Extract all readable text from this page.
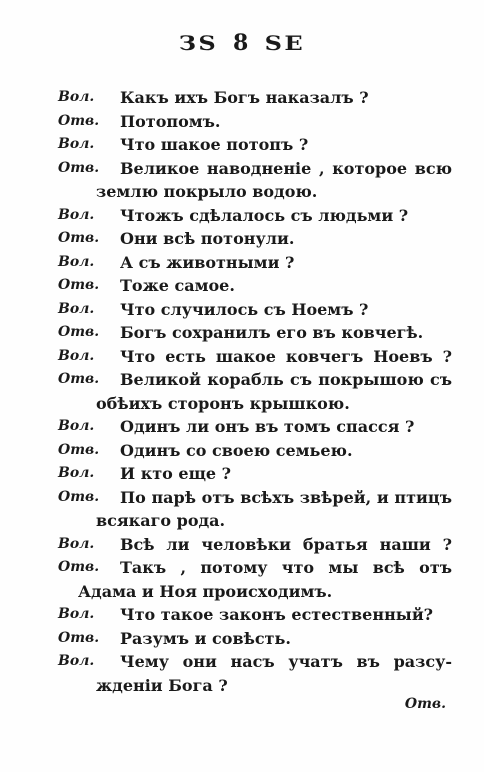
ЗЅ 8 ЅЕ
Вол. Какъ ихъ Богъ наказалъ ?
Отв. Потопомъ.
Вол. Что шакое потопъ ?
Отв. Великое наводненіе , которое всю
землю покрыло водою.
Вол. Чтожъ сдѣлалось съ людьми ?
Отв. Они всѣ потонули.
Вол. А съ животными ?
Отв. Тоже самое.
Вол. Что случилось съ Ноемъ ?
Отв. Богъ сохранилъ его въ ковчегѣ.
Вол. Что есть шакое ковчегъ Ноевъ ?
Отв. Великой корабль съ покрышою съ
обѣихъ сторонъ крышкою.
Вол. Одинъ ли онъ въ томъ спасся ?
Отв. Одинъ со своею семьею.
Вол. И кто еще ?
Отв. По парѣ отъ всѣхъ звѣрей, и птицъ
всякаго рода.
Вол. Всѣ ли человѣки братья наши ?
Отв. Такъ , потому что мы всѣ отъ
Адама и Ноя происходимъ.
Вол. Что такое законъ естественный?
Отв. Разумъ и совѣсть.
Вол. Чему они насъ учатъ въ разсу-
жденіи Бога ?
Отв.
